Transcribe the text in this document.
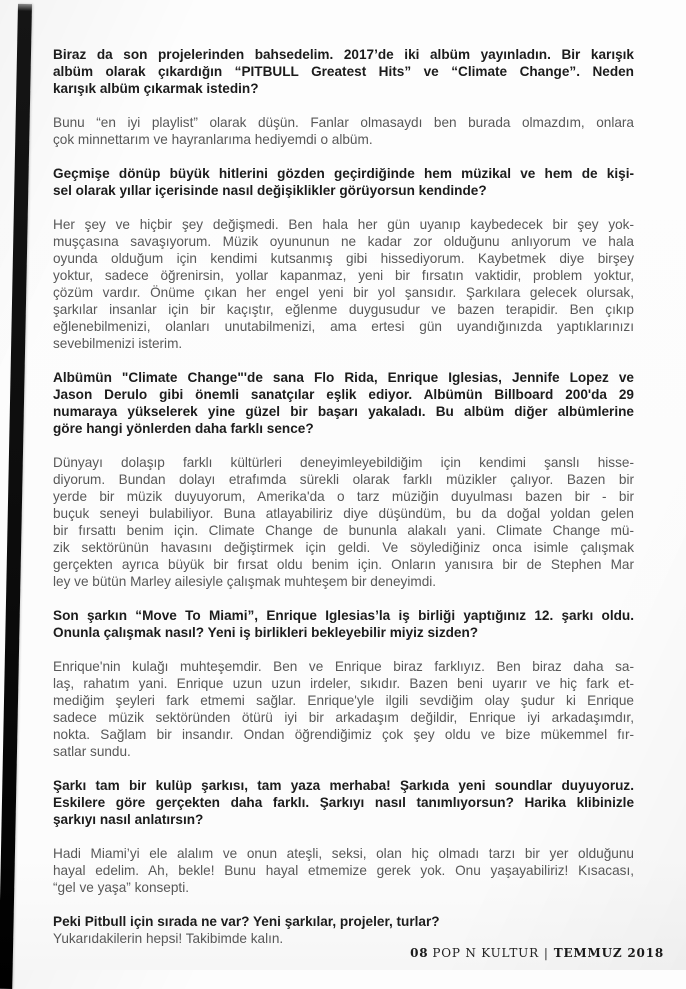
Biraz da son projelerinden bahsedelim. 2017’de iki albüm yayınladın. Bir karışık
albüm olarak çıkardığın “PITBULL Greatest Hits” ve “Climate Change”. Neden
karışık albüm çıkarmak istedin?
Bunu “en iyi playlist” olarak düşün. Fanlar olmasaydı ben burada olmazdım, onlara
çok minnettarım ve hayranlarıma hediyemdi o albüm.
Geçmişe dönüp büyük hitlerini gözden geçirdiğinde hem müzikal ve hem de kişi-
sel olarak yıllar içerisinde nasıl değişiklikler görüyorsun kendinde?
Her şey ve hiçbir şey değişmedi. Ben hala her gün uyanıp kaybedecek bir şey yok-
muşçasına savaşıyorum. Müzik oyununun ne kadar zor olduğunu anlıyorum ve hala
oyunda olduğum için kendimi kutsanmış gibi hissediyorum. Kaybetmek diye birşey
yoktur, sadece öğrenirsin, yollar kapanmaz, yeni bir fırsatın vaktidir, problem yoktur,
çözüm vardır. Önüme çıkan her engel yeni bir yol şansıdır. Şarkılara gelecek olursak,
şarkılar insanlar için bir kaçıştır, eğlenme duygusudur ve bazen terapidir. Ben çıkıp
eğlenebilmenizi, olanları unutabilmenizi, ama ertesi gün uyandığınızda yaptıklarınızı
sevebilmenizi isterim.
Albümün "Climate Change"'de sana Flo Rida, Enrique Iglesias, Jennife Lopez ve
Jason Derulo gibi önemli sanatçılar eşlik ediyor. Albümün Billboard 200'da 29
numaraya yükselerek yine güzel bir başarı yakaladı. Bu albüm diğer albümlerine
göre hangi yönlerden daha farklı sence?
Dünyayı dolaşıp farklı kültürleri deneyimleyebildiğim için kendimi şanslı hisse-
diyorum. Bundan dolayı etrafımda sürekli olarak farklı müzikler çalıyor. Bazen bir
yerde bir müzik duyuyorum, Amerika'da o tarz müziğin duyulması bazen bir - bir
buçuk seneyi bulabiliyor. Buna atlayabiliriz diye düşündüm, bu da doğal yoldan gelen
bir fırsattı benim için. Climate Change de bununla alakalı yani. Climate Change mü-
zik sektörünün havasını değiştirmek için geldi. Ve söylediğiniz onca isimle çalışmak
gerçekten ayrıca büyük bir fırsat oldu benim için. Onların yanısıra bir de Stephen Mar
ley ve bütün Marley ailesiyle çalışmak muhteşem bir deneyimdi.
Son şarkın “Move To Miami”, Enrique Iglesias’la iş birliği yaptığınız 12. şarkı oldu.
Onunla çalışmak nasıl? Yeni iş birlikleri bekleyebilir miyiz sizden?
Enrique'nin kulağı muhteşemdir. Ben ve Enrique biraz farklıyız. Ben biraz daha sa-
laş, rahatım yani. Enrique uzun uzun irdeler, sıkıdır. Bazen beni uyarır ve hiç fark et-
mediğim şeyleri fark etmemi sağlar. Enrique'yle ilgili sevdiğim olay şudur ki Enrique
sadece müzik sektöründen ötürü iyi bir arkadaşım değildir, Enrique iyi arkadaşımdır,
nokta. Sağlam bir insandır. Ondan öğrendiğimiz çok şey oldu ve bize mükemmel fır-
satlar sundu.
Şarkı tam bir kulüp şarkısı, tam yaza merhaba! Şarkıda yeni soundlar duyuyoruz.
Eskilere göre gerçekten daha farklı. Şarkıyı nasıl tanımlıyorsun? Harika klibinizle
şarkıyı nasıl anlatırsın?
Hadi Miami’yi ele alalım ve onun ateşli, seksi, olan hiç olmadı tarzı bir yer olduğunu
hayal edelim. Ah, bekle! Bunu hayal etmemize gerek yok. Onu yaşayabiliriz! Kısacası,
“gel ve yaşa” konsepti.
Peki Pitbull için sırada ne var? Yeni şarkılar, projeler, turlar?
Yukarıdakilerin hepsi! Takibimde kalın.
08 POP N KULTUR | TEMMUZ 2018
